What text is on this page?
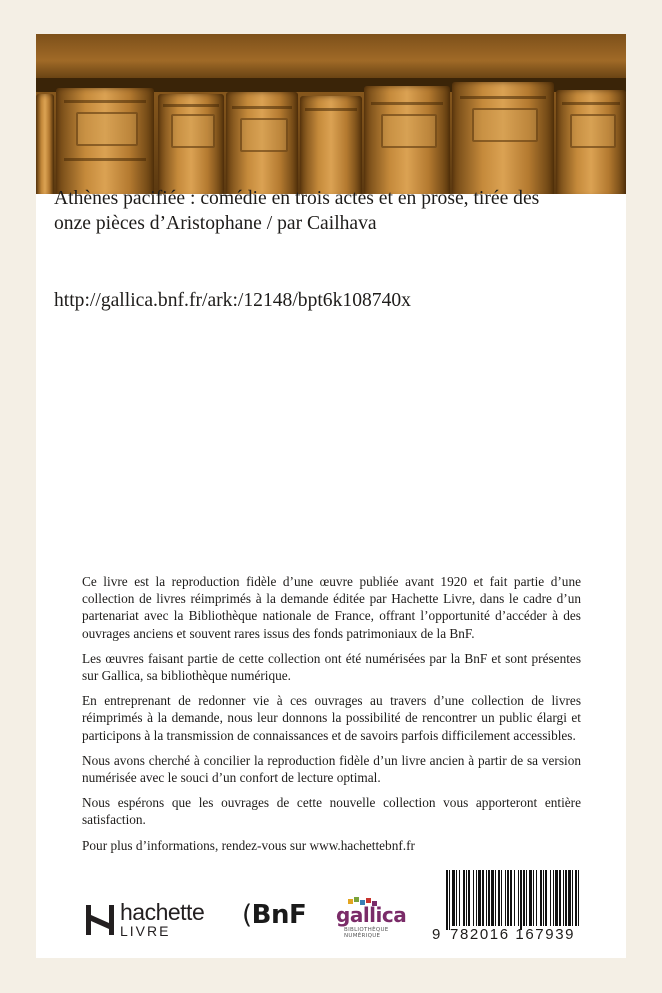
Athènes pacifiée : comédie en trois actes et en prose, tirée des onze pièces d’Aristophane / par Cailhava

http://gallica.bnf.fr/ark:/12148/bpt6k108740x

Ce livre est la reproduction fidèle d’une œuvre publiée avant 1920 et fait partie d’une collection de livres réimprimés à la demande éditée par Hachette Livre, dans le cadre d’un partenariat avec la Bibliothèque nationale de France, offrant l’opportunité d’accéder à des ouvrages anciens et souvent rares issus des fonds patrimoniaux de la BnF.

Les œuvres faisant partie de cette collection ont été numérisées par la BnF et sont présentes sur Gallica, sa bibliothèque numérique.

En entreprenant de redonner vie à ces ouvrages au travers d’une collection de livres réimprimés à la demande, nous leur donnons la possibilité de rencontrer un public élargi et participons à la transmission de connaissances et de savoirs parfois difficilement accessibles.

Nous avons cherché à concilier la reproduction fidèle d’un livre ancien à partir de sa version numérisée avec le souci d’un confort de lecture optimal.

Nous espérons que les ouvrages de cette nouvelle collection vous apporteront entière satisfaction.

Pour plus d’informations, rendez-vous sur www.hachettebnf.fr

hachette
LIVRE
(BnF gallica
BIBLIOTHÈQUE
NUMÉRIQUE	9 782016 167939
